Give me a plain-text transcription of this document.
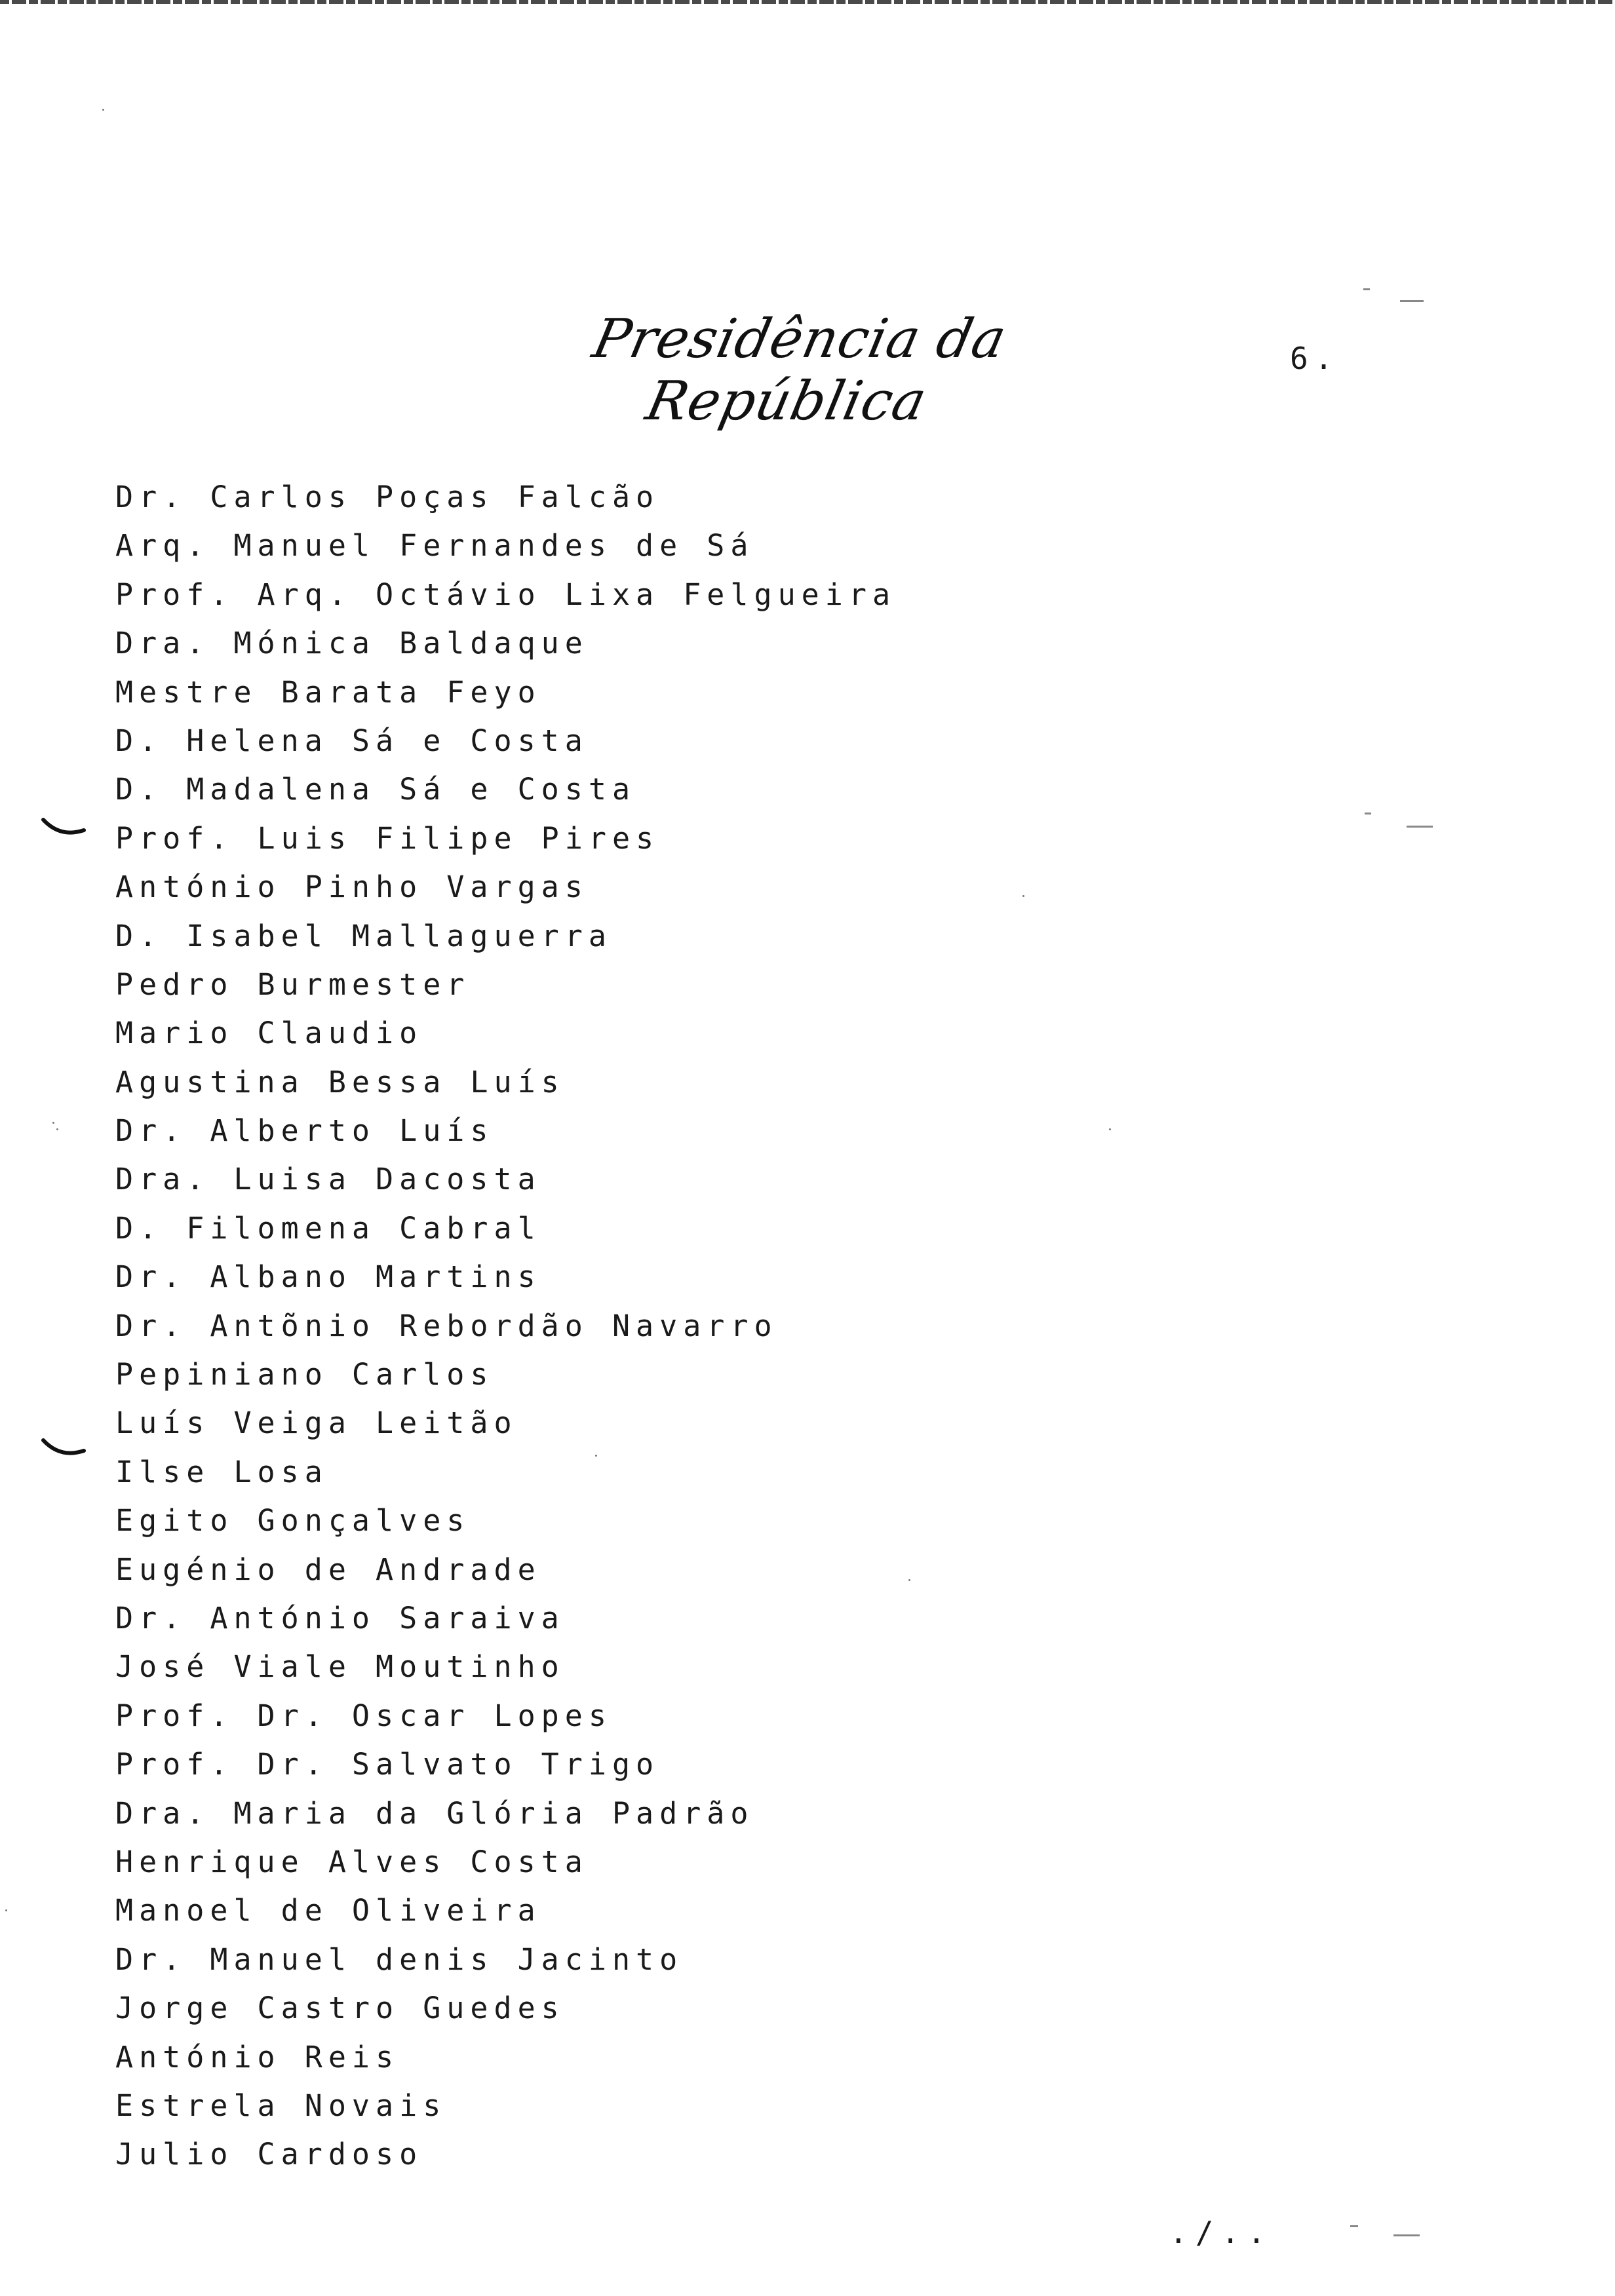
Presidência da República
6.
Dr. Carlos Poças Falcão
Arq. Manuel Fernandes de Sá
Prof. Arq. Octávio Lixa Felgueira
Dra. Mónica Baldaque
Mestre Barata Feyo
D. Helena Sá e Costa
D. Madalena Sá e Costa
Prof. Luis Filipe Pires
António Pinho Vargas
D. Isabel Mallaguerra
Pedro Burmester
Mario Claudio
Agustina Bessa Luís
Dr. Alberto Luís
Dra. Luisa Dacosta
D. Filomena Cabral
Dr. Albano Martins
Dr. Antõnio Rebordão Navarro
Pepiniano Carlos
Luís Veiga Leitão
Ilse Losa
Egito Gonçalves
Eugénio de Andrade
Dr. António Saraiva
José Viale Moutinho
Prof. Dr. Oscar Lopes
Prof. Dr. Salvato Trigo
Dra. Maria da Glória Padrão
Henrique Alves Costa
Manoel de Oliveira
Dr. Manuel denis Jacinto
Jorge Castro Guedes
António Reis
Estrela Novais
Julio Cardoso
./..
